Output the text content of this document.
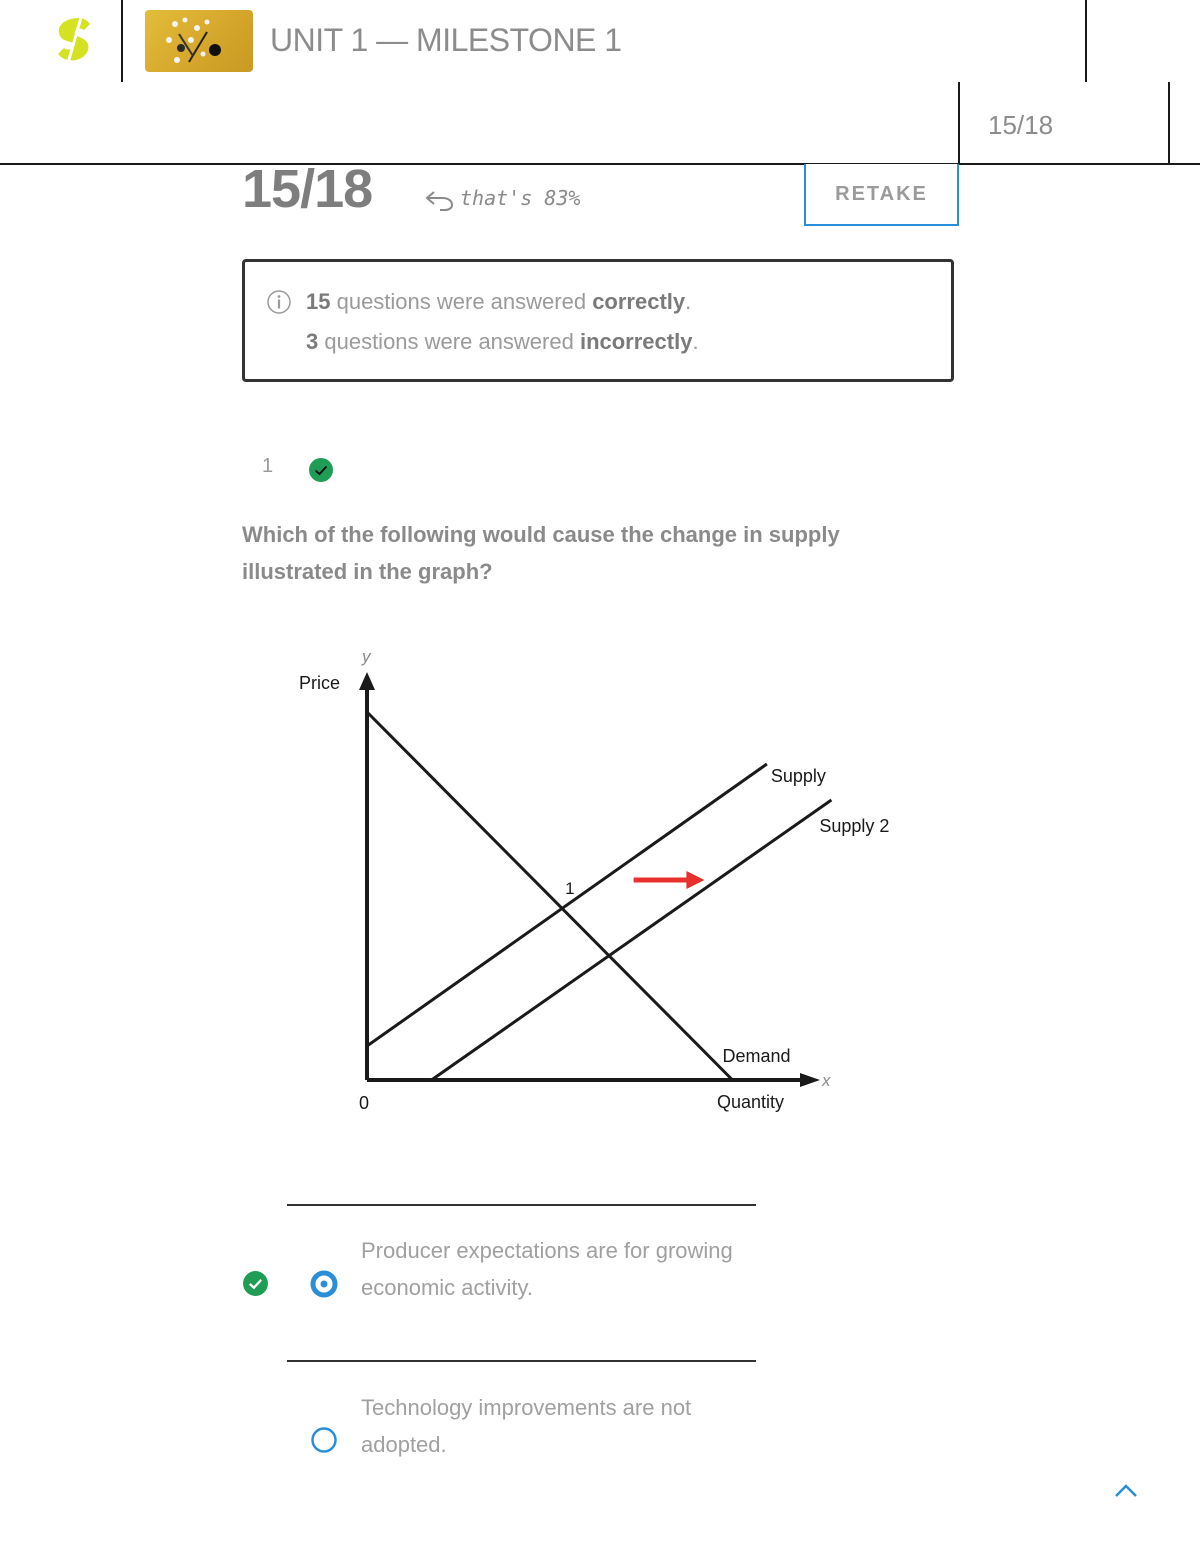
UNIT 1 — MILESTONE 1
15/18
15/18	that's 83%	RETAKE
15 questions were answered correctly.
3 questions were answered incorrectly.
1
Which of the following would cause the change in supply illustrated in the graph?
y
x
Price
Quantity
0
Demand
Supply
Supply 2
1
Producer expectations are for growing economic activity.
Technology improvements are not adopted.
